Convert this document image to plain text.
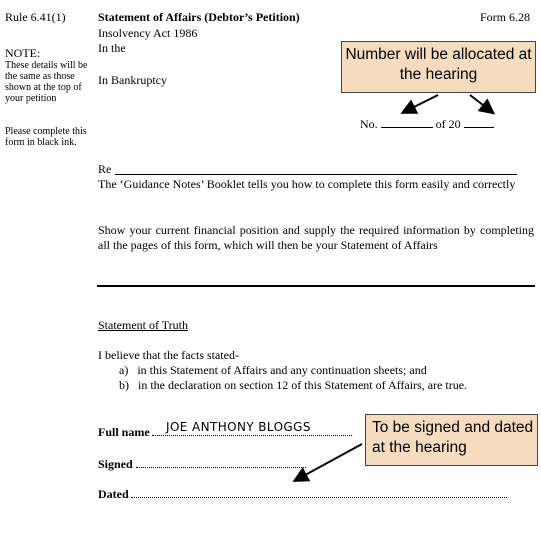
Rule 6.41(1)	Statement of Affairs (Debtor’s Petition)	Form 6.28
Insolvency Act 1986
In the
In Bankruptcy
NOTE:
These details will be the same as those shown at the top of your petition
Please complete this form in black ink.
No.	of 20
Number will be allocated at the hearing
Re
The ‘Guidance Notes’ Booklet tells you how to complete this form easily and correctly
Show your current financial position and supply the required information by completing all the pages of this form, which will then be your Statement of Affairs
Statement of Truth
I believe that the facts stated-
a) in this Statement of Affairs and any continuation sheets; and
b) in the declaration on section 12 of this Statement of Affairs, are true.
Full name JOE ANTHONY BLOGGS
Signed
Dated
To be signed and dated at the hearing
